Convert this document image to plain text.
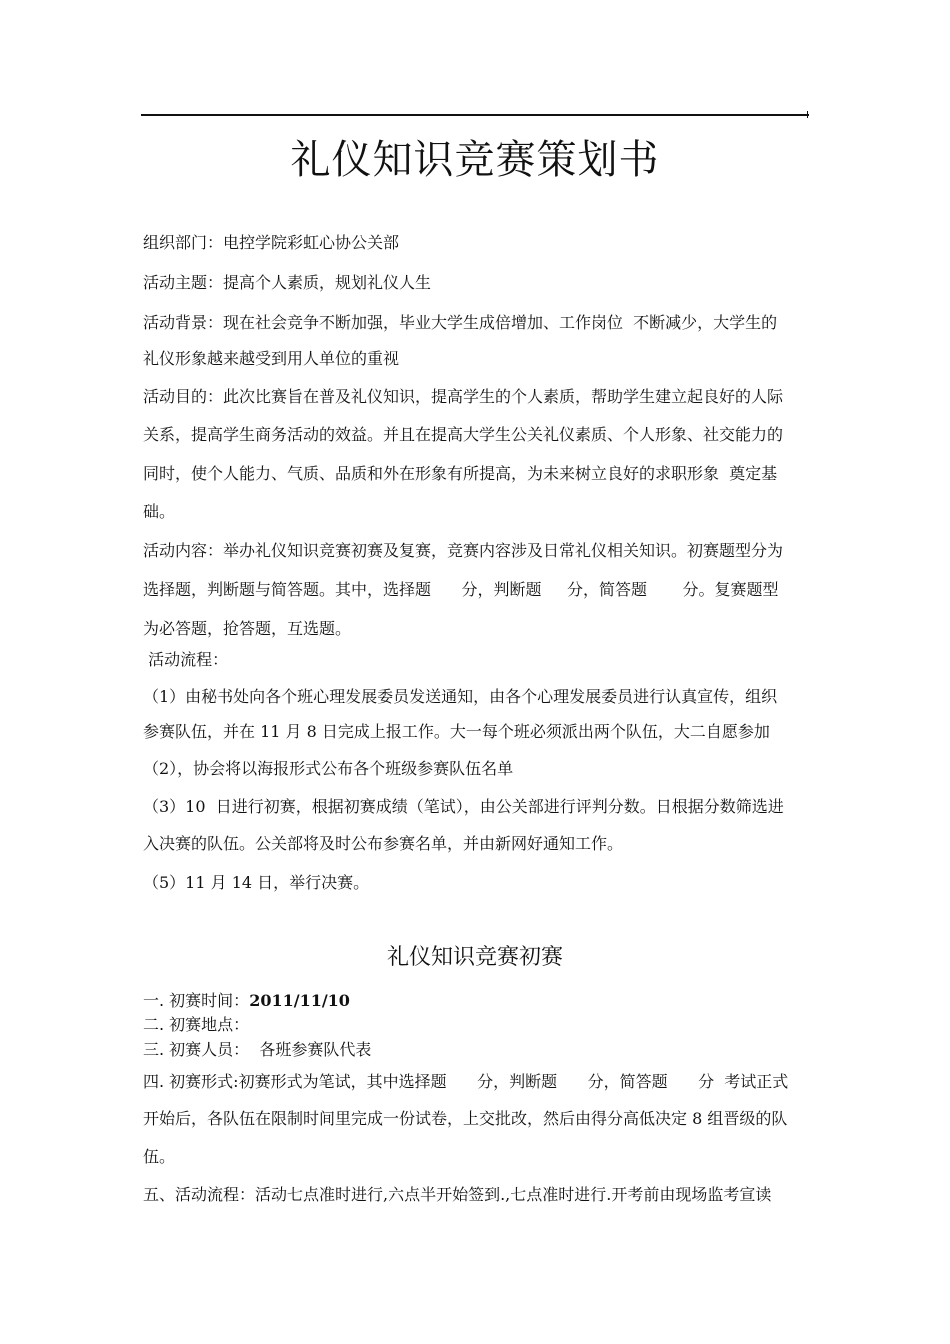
礼仪知识竞赛策划书
组织部门：电控学院彩虹心协公关部
活动主题：提高个人素质，规划礼仪人生
活动背景：现在社会竞争不断加强，毕业大学生成倍增加、工作岗位  不断减少，大学生的
礼仪形象越来越受到用人单位的重视
活动目的：此次比赛旨在普及礼仪知识，提高学生的个人素质，帮助学生建立起良好的人际
关系，提高学生商务活动的效益。并且在提高大学生公关礼仪素质、个人形象、社交能力的
同时，使个人能力、气质、品质和外在形象有所提高，为未来树立良好的求职形象  奠定基
础。
活动内容：举办礼仪知识竞赛初赛及复赛，竞赛内容涉及日常礼仪相关知识。初赛题型分为
选择题，判断题与简答题。其中，选择题      分，判断题     分，简答题       分。复赛题型
为必答题，抢答题，互选题。
活动流程：
（1）由秘书处向各个班心理发展委员发送通知，由各个心理发展委员进行认真宣传，组织
参赛队伍，并在 11 月 8 日完成上报工作。大一每个班必须派出两个队伍，大二自愿参加
（2），协会将以海报形式公布各个班级参赛队伍名单
（3）10  日进行初赛，根据初赛成绩（笔试），由公关部进行评判分数。日根据分数筛选进
入决赛的队伍。公关部将及时公布参赛名单，并由新网好通知工作。
（5）11 月 14 日，举行决赛。
礼仪知识竞赛初赛
一. 初赛时间：2011/11/10
二. 初赛地点：
三. 初赛人员：  各班参赛队代表
四. 初赛形式:初赛形式为笔试，其中选择题      分，判断题      分，简答题      分  考试正式
开始后，各队伍在限制时间里完成一份试卷，上交批改，然后由得分高低决定 8 组晋级的队
伍。
五、活动流程：活动七点准时进行,六点半开始签到.,七点准时进行.开考前由现场监考宣读
